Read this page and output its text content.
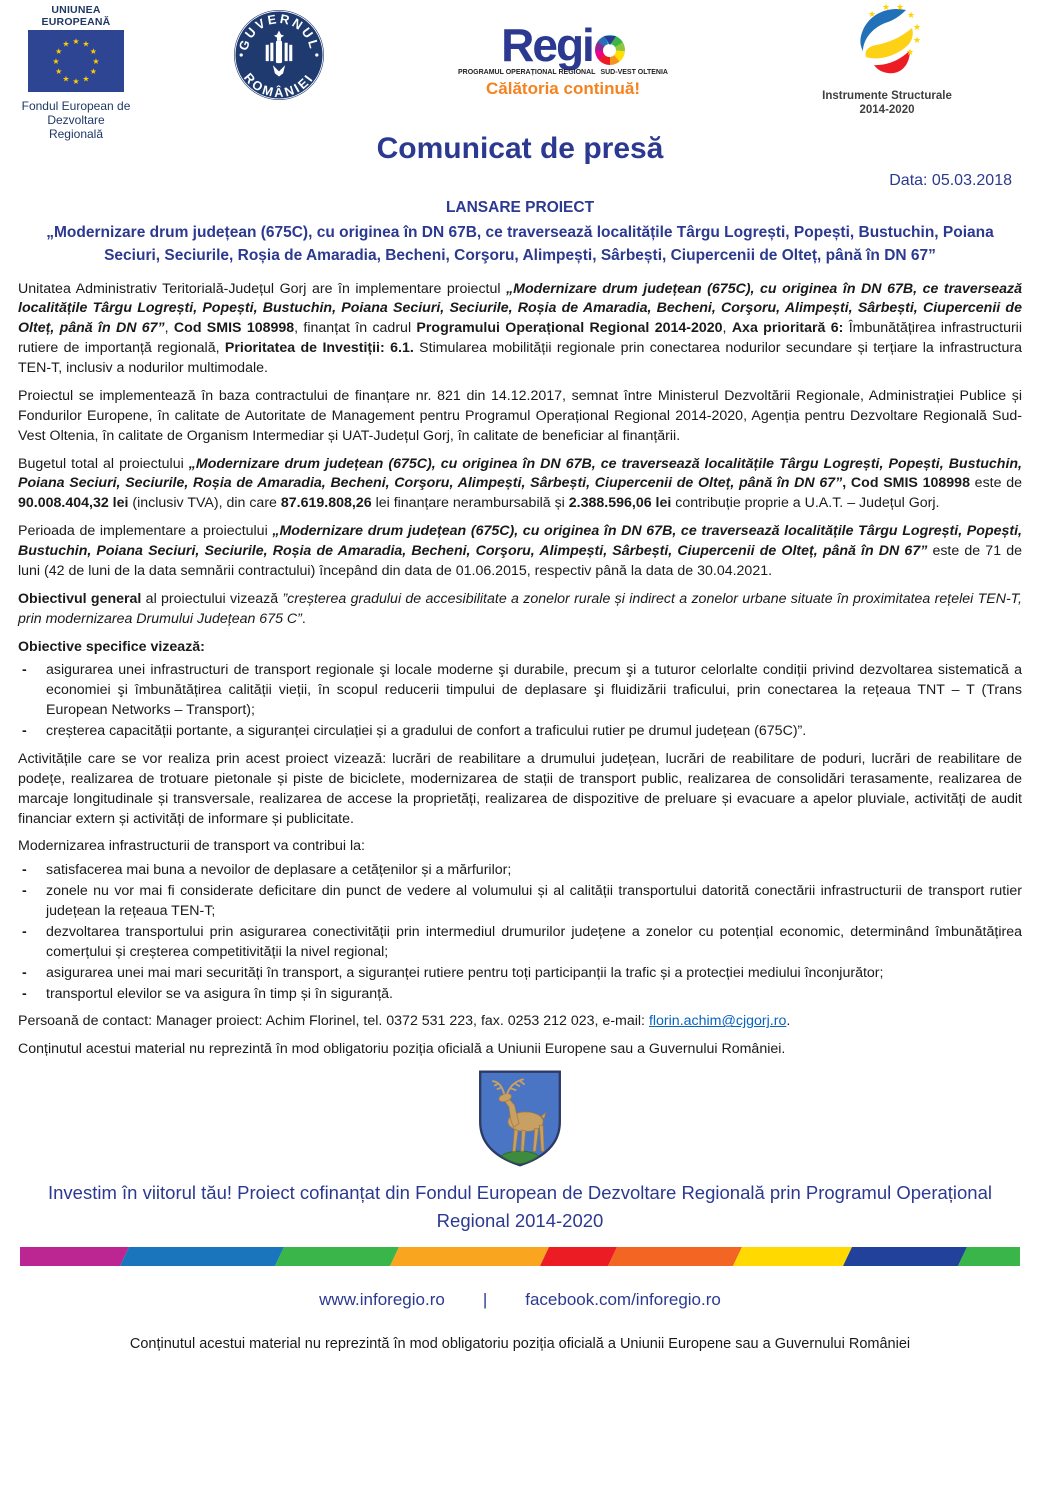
UNIUNEA EUROPEANĂ
★ ★
★
★
★
★
★
★
★
★
★
★
Fondul European de
Dezvoltare Regională
GUVERNUL
ROMÂNIEI
Regi
PROGRAMUL OPERAȚIONAL REGIONAL SUD-VEST OLTENIA
Călătoria continuă!
★
★ ★
★
★
★
★
Instrumente Structurale
2014-2020
Comunicat de presă
Data: 05.03.2018
LANSARE PROIECT
„Modernizare drum județean (675C), cu originea în DN 67B, ce traversează localitățile Târgu Logrești, Popești, Bustuchin, Poiana Seciuri, Seciurile, Roșia de Amaradia, Becheni, Corşoru, Alimpești, Sârbești, Ciupercenii de Olteț, până în DN 67”

Unitatea Administrativ Teritorială-Județul Gorj are în implementare proiectul „Modernizare drum județean (675C), cu originea în DN 67B, ce traversează localitățile Târgu Logrești, Popești, Bustuchin, Poiana Seciuri, Seciurile, Roșia de Amaradia, Becheni, Corşoru, Alimpești, Sârbești, Ciupercenii de Olteț, până în DN 67”, Cod SMIS 108998, finanțat în cadrul Programului Operațional Regional 2014-2020, Axa prioritară 6: Îmbunătățirea infrastructurii rutiere de importanță regională, Prioritatea de Investiții: 6.1. Stimularea mobilității regionale prin conectarea nodurilor secundare și terțiare la infrastructura TEN-T, inclusiv a nodurilor multimodale.

Proiectul se implementează în baza contractului de finanțare nr. 821 din 14.12.2017, semnat între Ministerul Dezvoltării Regionale, Administrației Publice și Fondurilor Europene, în calitate de Autoritate de Management pentru Programul Operațional Regional 2014-2020, Agenția pentru Dezvoltare Regională Sud-Vest Oltenia, în calitate de Organism Intermediar și UAT-Județul Gorj, în calitate de beneficiar al finanțării.

Bugetul total al proiectului „Modernizare drum județean (675C), cu originea în DN 67B, ce traversează localitățile Târgu Logrești, Popești, Bustuchin, Poiana Seciuri, Seciurile, Roșia de Amaradia, Becheni, Corşoru, Alimpești, Sârbești, Ciupercenii de Olteț, până în DN 67”, Cod SMIS 108998 este de 90.008.404,32 lei (inclusiv TVA), din care 87.619.808,26 lei finanțare nerambursabilă și 2.388.596,06 lei contribuție proprie a U.A.T. – Județul Gorj.

Perioada de implementare a proiectului „Modernizare drum județean (675C), cu originea în DN 67B, ce traversează localitățile Târgu Logrești, Popești, Bustuchin, Poiana Seciuri, Seciurile, Roșia de Amaradia, Becheni, Corşoru, Alimpești, Sârbești, Ciupercenii de Olteț, până în DN 67” este de 71 de luni (42 de luni de la data semnării contractului) începând din data de 01.06.2015, respectiv până la data de 30.04.2021.

Obiectivul general al proiectului vizează ”creșterea gradului de accesibilitate a zonelor rurale și indirect a zonelor urbane situate în proximitatea rețelei TEN-T, prin modernizarea Drumului Județean 675 C”.

Obiective specifice vizează:

- asigurarea unei infrastructuri de transport regionale şi locale moderne şi durabile, precum şi a tuturor celorlalte condiții privind dezvoltarea sistematică a economiei şi îmbunătățirea calității vieții, în scopul reducerii timpului de deplasare şi fluidizării traficului, prin conectarea la rețeaua TNT – T (Trans European Networks – Transport);
- creșterea capacității portante, a siguranței circulației și a gradului de confort a traficului rutier pe drumul județean (675C)”.

Activitățile care se vor realiza prin acest proiect vizează: lucrări de reabilitare a drumului județean, lucrări de reabilitare de poduri, lucrări de reabilitare de podețe, realizarea de trotuare pietonale și piste de biciclete, modernizarea de stații de transport public, realizarea de consolidări terasamente, realizarea de marcaje longitudinale și transversale, realizarea de accese la proprietăți, realizarea de dispozitive de preluare și evacuare a apelor pluviale, activități de audit financiar extern și activități de informare și publicitate.

Modernizarea infrastructurii de transport va contribui la:

- satisfacerea mai buna a nevoilor de deplasare a cetățenilor și a mărfurilor;
- zonele nu vor mai fi considerate deficitare din punct de vedere al volumului și al calității transportului datorită conectării infrastructurii de transport rutier județean la rețeaua TEN-T;
- dezvoltarea transportului prin asigurarea conectivității prin intermediul drumurilor județene a zonelor cu potențial economic, determinând îmbunătățirea comerțului și creșterea competitivității la nivel regional;
- asigurarea unei mai mari securități în transport, a siguranței rutiere pentru toți participanții la trafic și a protecției mediului înconjurător;
- transportul elevilor se va asigura în timp și în siguranță.

Persoană de contact: Manager proiect: Achim Florinel, tel. 0372 531 223, fax. 0253 212 023, e-mail: florin.achim@cjgorj.ro.

Conținutul acestui material nu reprezintă în mod obligatoriu poziția oficială a Uniunii Europene sau a Guvernului României.

Investim în viitorul tău! Proiect cofinanțat din Fondul European de Dezvoltare Regională prin Programul Operațional Regional 2014-2020
www.inforegio.ro | facebook.com/inforegio.ro
Conținutul acestui material nu reprezintă în mod obligatoriu poziția oficială a Uniunii Europene sau a Guvernului României
